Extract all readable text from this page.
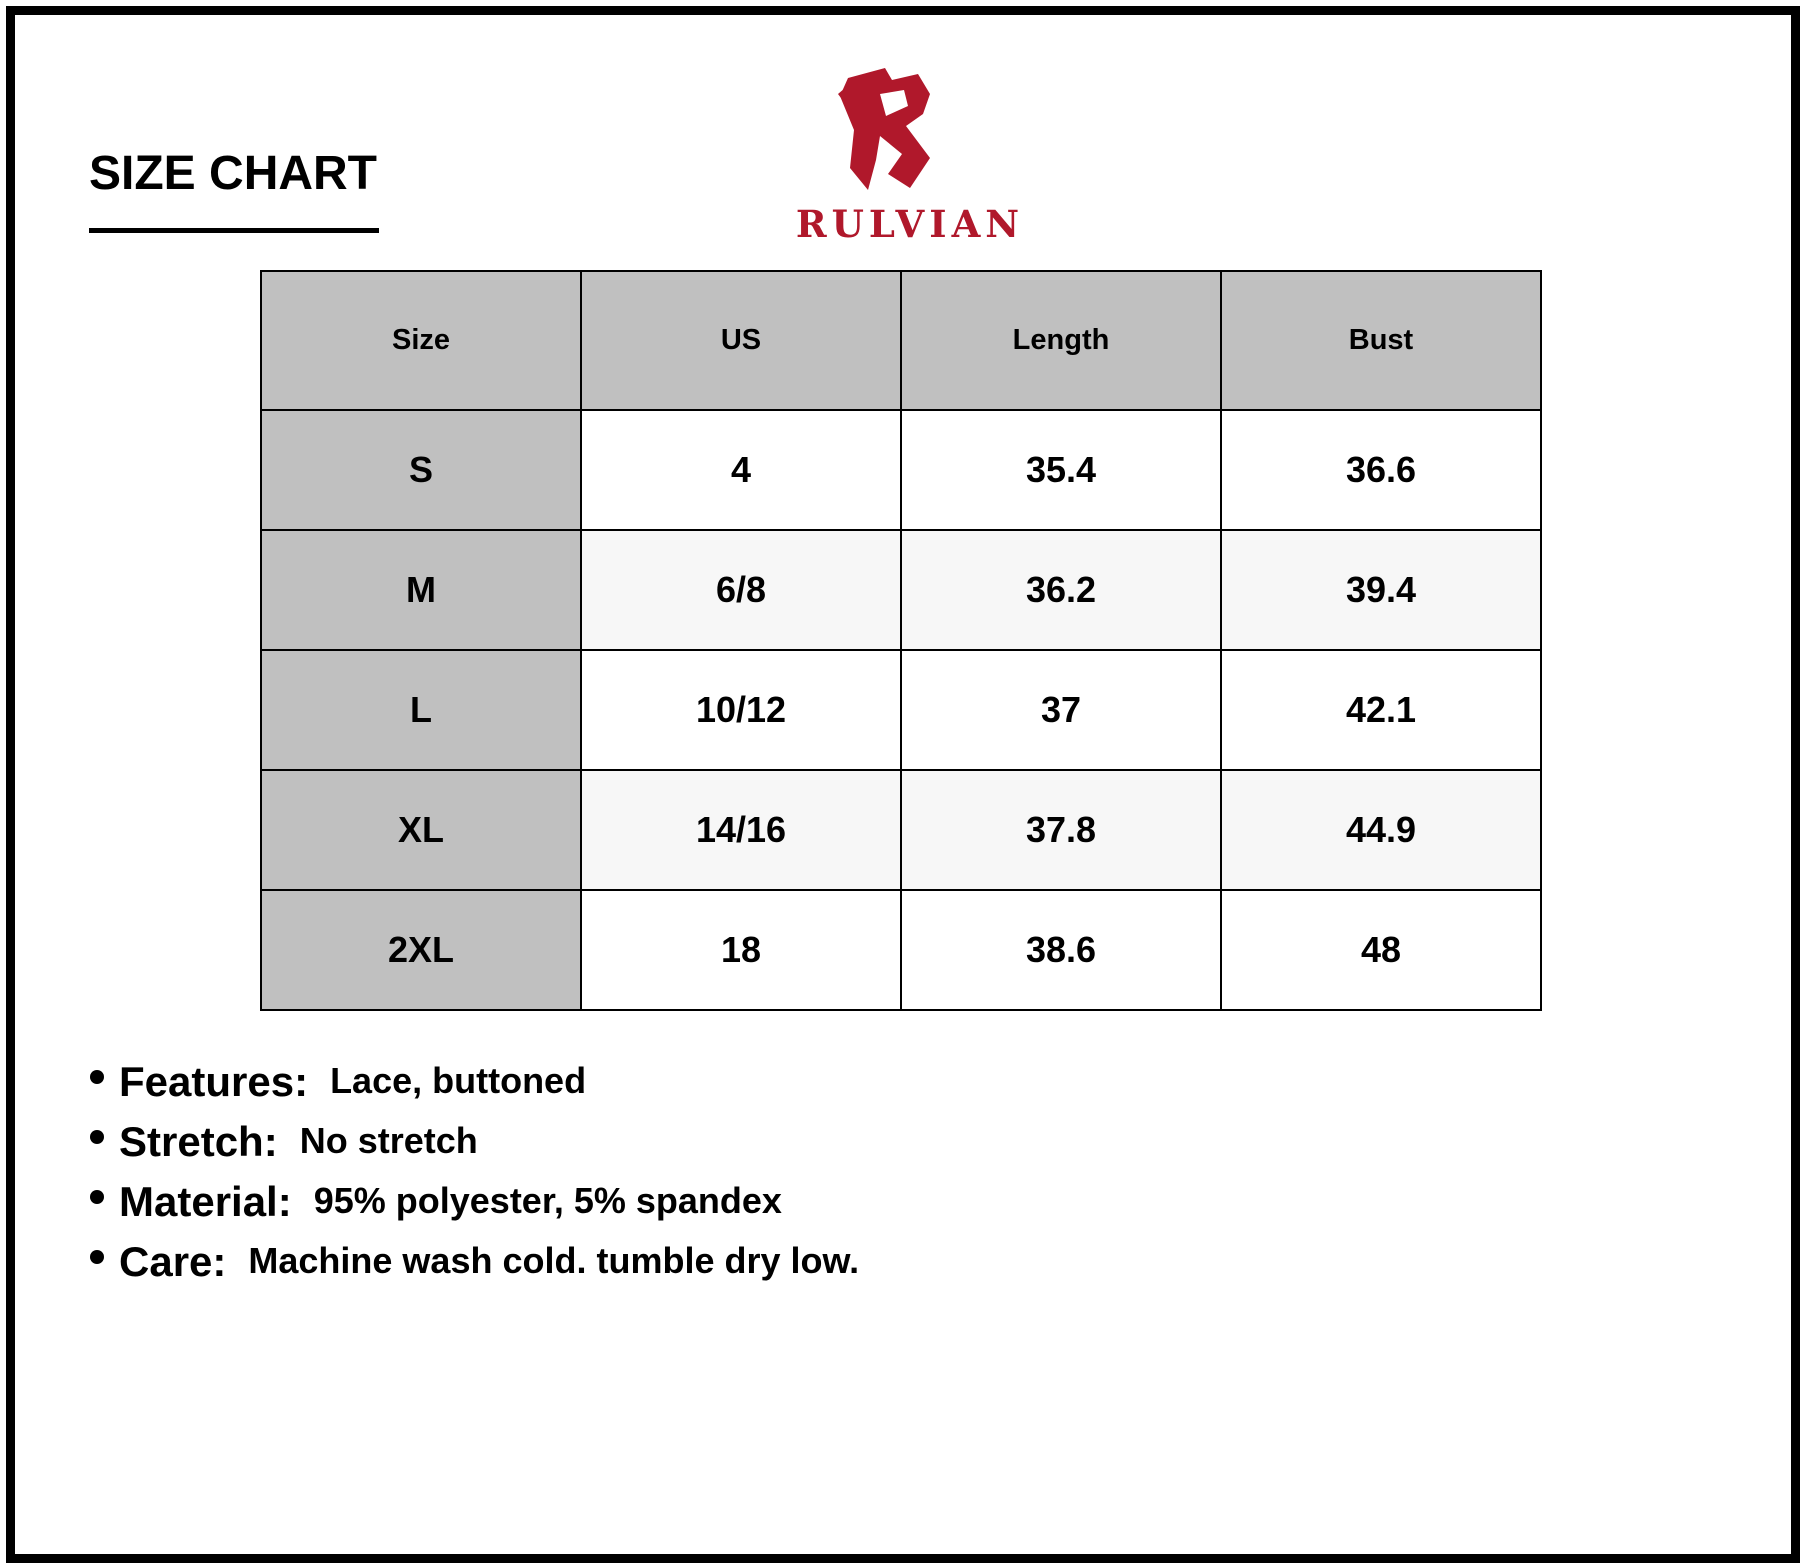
SIZE CHART
RULVIAN
Size	US	Length	Bust
S	4	35.4	36.6
M	6/8	36.2	39.4
L	10/12	37	42.1
XL	14/16	37.8	44.9
2XL	18	38.6	48
Features: Lace, buttoned
Stretch: No stretch
Material: 95% polyester, 5% spandex
Care: Machine wash cold. tumble dry low.
